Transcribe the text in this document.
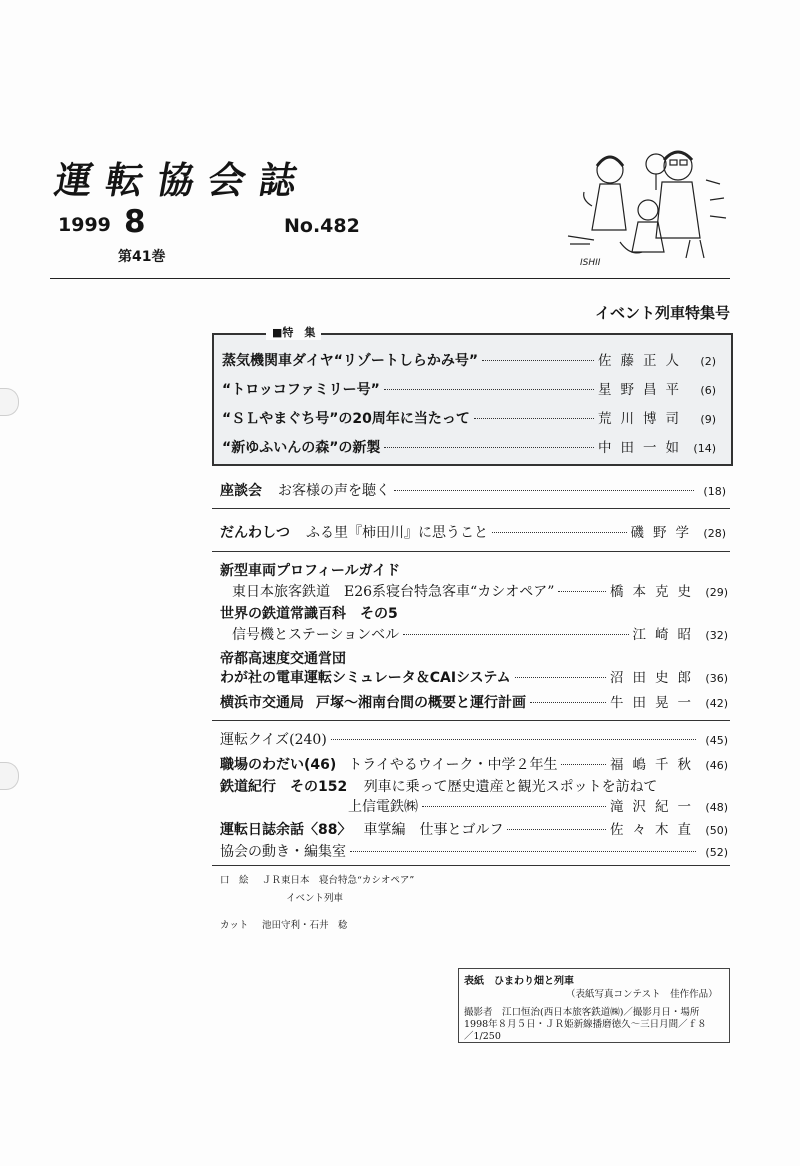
運転協会誌
1999 8
第41巻
No.482
ISHII
イベント列車特集号
■特　集
蒸気機関車ダイヤ“リゾートしらかみ号”	佐藤正人	(2)
“トロッコファミリー号”	星野昌平	(6)
“ＳＬやまぐち号”の20周年に当たって	荒川博司	(9)
“新ゆふいんの森”の新製	中田一如 (14)
座談会 お客様の声を聴く	(18)
だんわしつ ふる里『柿田川』に思うこと	磯野学 (28)
新型車両プロフィールガイド
東日本旅客鉄道　E26系寝台特急客車“カシオペア”	橋本克史 (29)
世界の鉄道常識百科　その5
信号機とステーションベル	江崎昭 (32)
帝都高速度交通営団
わが社の電車運転シミュレータ＆CAIシステム	沼田史郎 (36)
横浜市交通局 戸塚～湘南台間の概要と運行計画	牛田晃一 (42)
運転クイズ(240)	(45)
職場のわだい(46) トライやるウイーク・中学２年生	福嶋千秋 (46)
鉄道紀行　その152 列車に乗って歴史遺産と観光スポットを訪ねて
上信電鉄㈱	滝沢紀一 (48)
運転日誌余話〈88〉 車掌編　仕事とゴルフ	佐々木直 (50)
協会の動き・編集室	(52)
口　絵 ＪＲ東日本　寝台特急“カシオペア”
イベント列車
カット 池田守利・石井　稔
表紙　ひまわり畑と列車
（表紙写真コンテスト　佳作作品）
撮影者　江口恒治(西日本旅客鉄道㈱)／撮影月日・場所
1998年８月５日・ＪＲ姫新線播磨徳久～三日月間／ｆ８
／1/250
